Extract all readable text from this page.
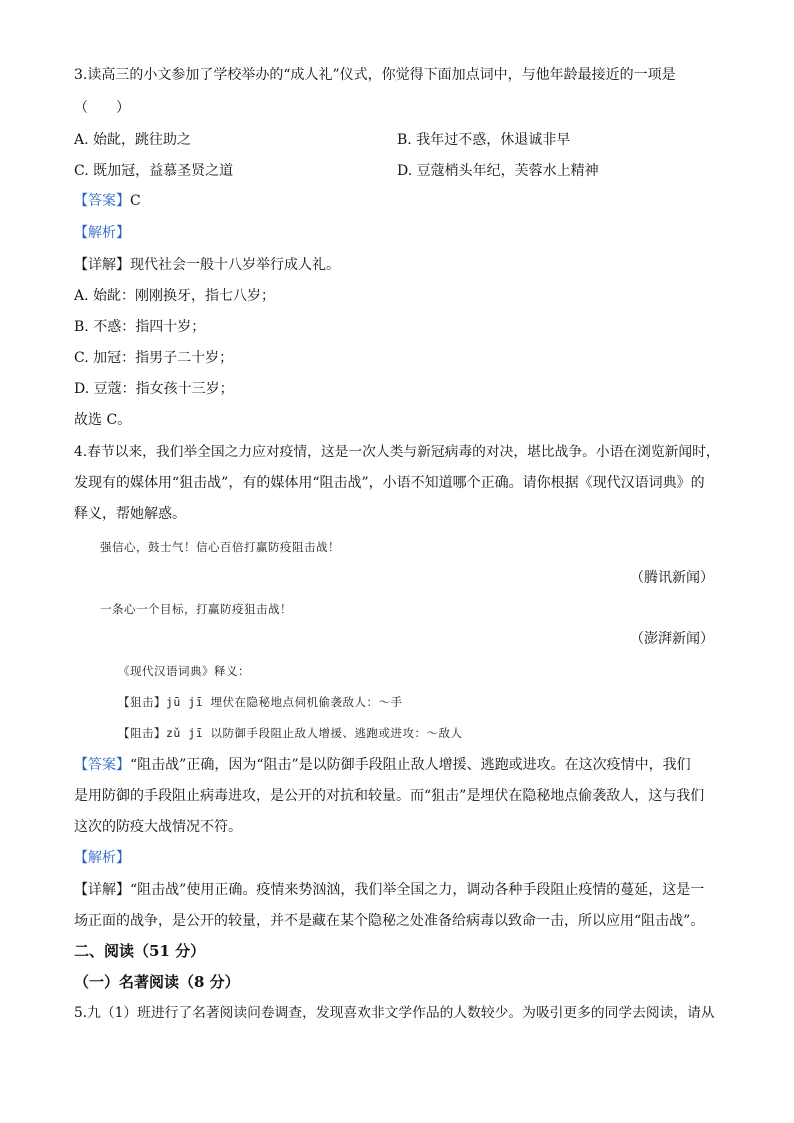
3.读高三的小文参加了学校举办的“成人礼”仪式，你觉得下面加点词中，与他年龄最接近的一项是
（　　）
A. 始龀，跳往助之	B. 我年过不惑，休退诚非早
C. 既加冠，益慕圣贤之道	D. 豆蔻梢头年纪，芙蓉水上精神
【答案】C
【解析】
【详解】现代社会一般十八岁举行成人礼。
A. 始龀：刚刚换牙，指七八岁；
B. 不惑：指四十岁；
C. 加冠：指男子二十岁；
D. 豆蔻：指女孩十三岁；
故选 C。
4.春节以来，我们举全国之力应对疫情，这是一次人类与新冠病毒的对决，堪比战争。小语在浏览新闻时，
发现有的媒体用“狙击战”，有的媒体用“阻击战”，小语不知道哪个正确。请你根据《现代汉语词典》的
释义，帮她解惑。
强信心，鼓士气！信心百倍打赢防疫阻击战！
（腾讯新闻）
一条心一个目标，打赢防疫狙击战！
（澎湃新闻）
《现代汉语词典》释义：
【狙击】jū jī 埋伏在隐秘地点伺机偷袭敌人：～手
【阻击】zǔ jī 以防御手段阻止敌人增援、逃跑或进攻：～敌人
【答案】“阻击战”正确，因为“阻击”是以防御手段阻止敌人增援、逃跑或进攻。在这次疫情中，我们
是用防御的手段阻止病毒进攻，是公开的对抗和较量。而“狙击”是埋伏在隐秘地点偷袭敌人，这与我们
这次的防疫大战情况不符。
【解析】
【详解】“阻击战”使用正确。疫情来势汹汹，我们举全国之力，调动各种手段阻止疫情的蔓延，这是一
场正面的战争，是公开的较量，并不是藏在某个隐秘之处准备给病毒以致命一击，所以应用“阻击战”。
二、阅读（51 分）
（一）名著阅读（8 分）
5.九（1）班进行了名著阅读问卷调查，发现喜欢非文学作品的人数较少。为吸引更多的同学去阅读，请从
